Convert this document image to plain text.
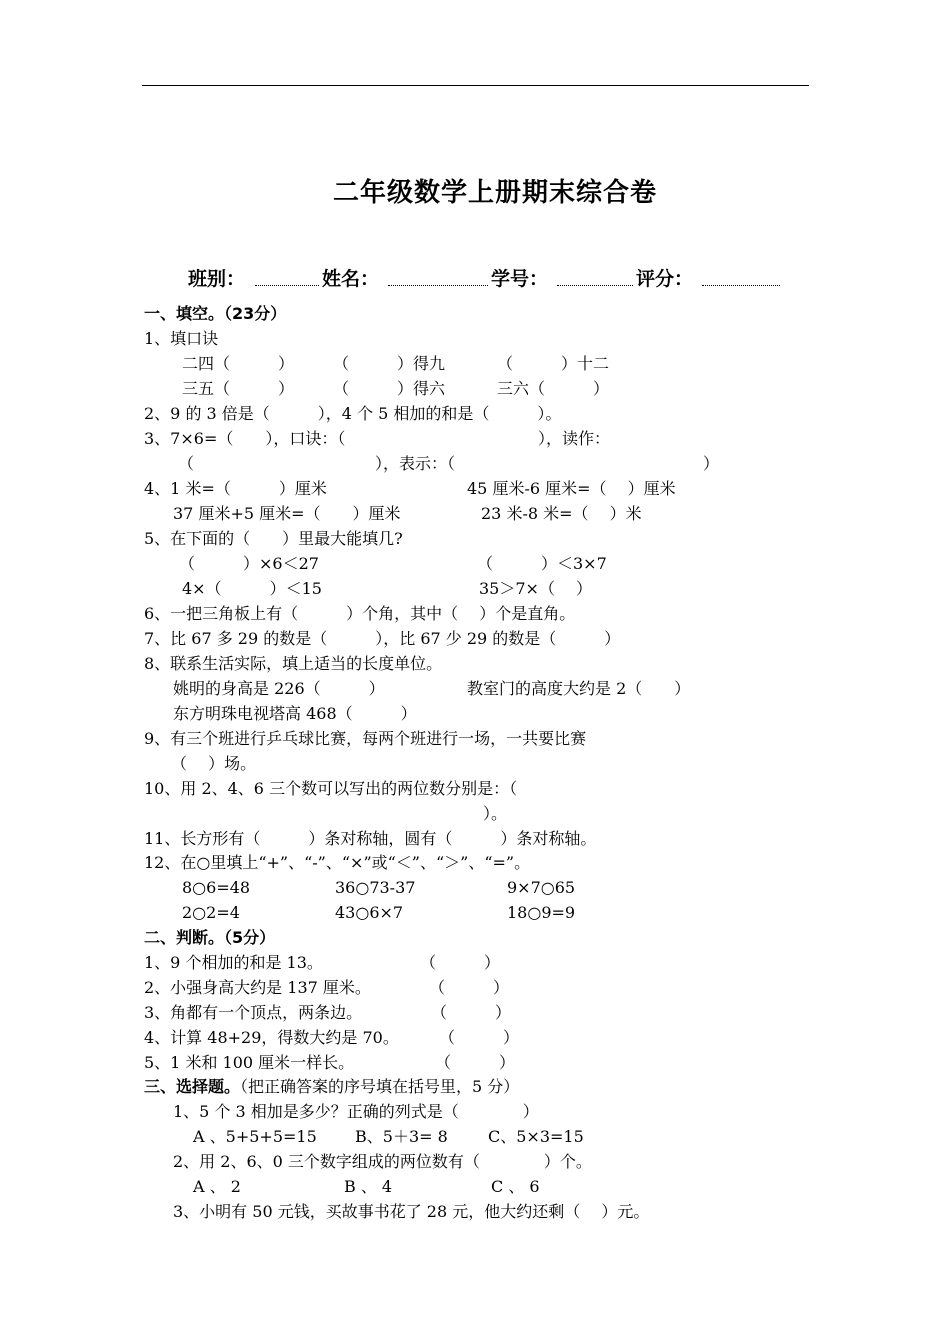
二年级数学上册期末综合卷
班别：	姓名：	学号：	评分：
一、填空。（23分）
1、填口诀
二四（　　　） （　　　）得九	（　　　）十二
三五（　　　） （　　　）得六	三六（　　　）
2、9 的 3 倍是（　　　），4 个 5 相加的和是（　　　）。
3、7×6=（　　），口诀：（	），读作：
（	），表示：（	）
4、1 米=（　　　）厘米	45 厘米-6 厘米=（　 ）厘米
37 厘米+5 厘米=（　　）厘米	23 米-8 米=（　 ）米
5、在下面的（　　）里最大能填几?
（　　　）×6＜27	（　　　）＜3×7
4×（　　　）＜15	35＞7×（　 ）
6、一把三角板上有（　　　）个角，其中（　 ）个是直角。
7、比 67 多 29 的数是（　　　），比 67 少 29 的数是（　　　）
8、联系生活实际，填上适当的长度单位。
姚明的身高是 226（　　　）	教室门的高度大约是 2（　　）
东方明珠电视塔高 468（　　　）
9、有三个班进行乒乓球比赛，每两个班进行一场，一共要比赛
（　 ）场。
10、用 2、4、6 三个数可以写出的两位数分别是：（
）。
11、长方形有（　　　）条对称轴，圆有（　　　）条对称轴。
12、在○里填上“+”、“-”、“×”或“＜”、“＞”、“=”。
8○6=48	36○73-37	9×7○65
2○2=4	43○6×7	18○9=9
二、判断。（5分）
1、9 个相加的和是 13。	（　　　）
2、小强身高大约是 137 厘米。	（　　　）
3、角都有一个顶点，两条边。	（　　　）
4、计算 48+29，得数大约是 70。	（　　　）
5、1 米和 100 厘米一样长。	（　　　）
三、选择题。（把正确答案的序号填在括号里，5 分）
1、5 个 3 相加是多少？正确的列式是（　　　　）
A 、5+5+5=15 B、5＋3= 8	C、5×3=15
2、用 2、6、0 三个数字组成的两位数有（　　　　）个。
A 、 2	B 、 4	C 、 6
3、小明有 50 元钱，买故事书花了 28 元，他大约还剩（　 ）元。
